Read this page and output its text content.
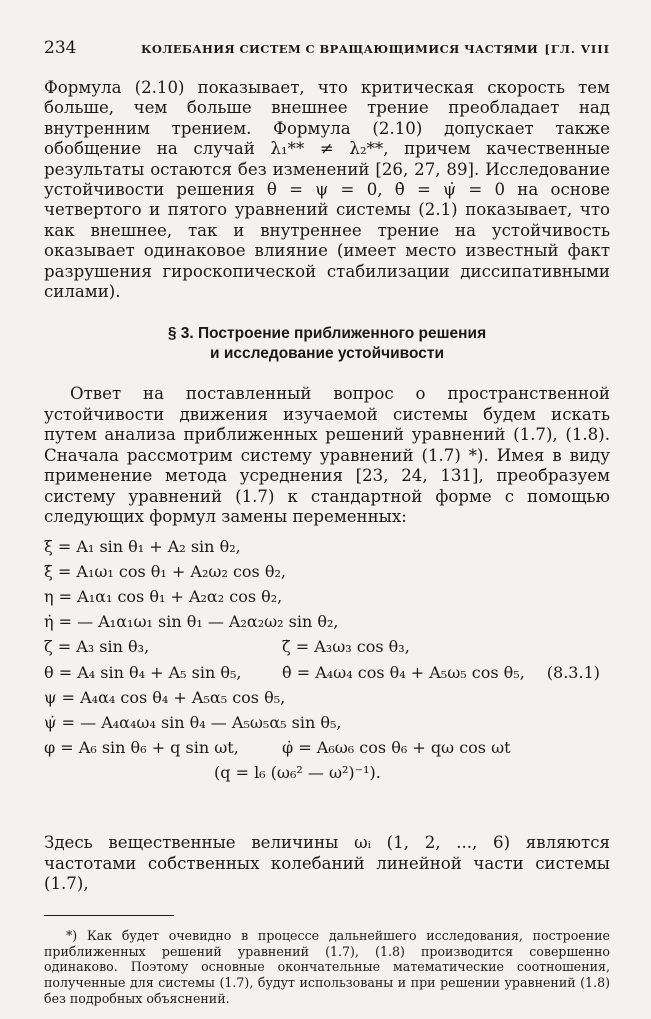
234	КОЛЕБАНИЯ СИСТЕМ С ВРАЩАЮЩИМИСЯ ЧАСТЯМИ [ГЛ. VIII

Формула (2.10) показывает, что критическая скорость тем больше, чем больше внешнее трение преобладает над внутренним трением. Формула (2.10) допускает также обобщение на случай λ₁** ≠ λ₂**, причем качественные результаты остаются без изменений [26, 27, 89]. Исследование устойчивости решения θ = ψ = 0, θ̇ = ψ̇ = 0 на основе четвертого и пятого уравнений системы (2.1) показывает, что как внешнее, так и внутреннее трение на устойчивость оказывает одинаковое влияние (имеет место известный факт разрушения гироскопической стабилизации диссипативными силами).

§ 3. Построение приближенного решения
и исследование устойчивости

Ответ на поставленный вопрос о пространственной устойчивости движения изучаемой системы будем искать путем анализа приближенных решений уравнений (1.7), (1.8). Сначала рассмотрим систему уравнений (1.7) *). Имея в виду применение метода усреднения [23, 24, 131], преобразуем систему уравнений (1.7) к стандартной форме с помощью следующих формул замены переменных:

ξ = A₁ sin θ₁ + A₂ sin θ₂,
ξ̇ = A₁ω₁ cos θ₁ + A₂ω₂ cos θ₂,
η = A₁α₁ cos θ₁ + A₂α₂ cos θ₂,
η̇ = — A₁α₁ω₁ sin θ₁ — A₂α₂ω₂ sin θ₂,
ζ = A₃ sin θ₃,	ζ̇ = A₃ω₃ cos θ₃,
θ = A₄ sin θ₄ + A₅ sin θ₅,	θ̇ = A₄ω₄ cos θ₄ + A₅ω₅ cos θ₅,
ψ = A₄α₄ cos θ₄ + A₅α₅ cos θ₅,
ψ̇ = — A₄α₄ω₄ sin θ₄ — A₅ω₅α₅ sin θ₅,
φ = A₆ sin θ₆ + q sin ωt,	φ̇ = A₆ω₆ cos θ₆ + qω cos ωt
(q = l₆ (ω₆² — ω²)⁻¹).
(8.3.1)

Здесь вещественные величины ωᵢ (1, 2, ..., 6) являются частотами собственных колебаний линейной части системы (1.7),

*) Как будет очевидно в процессе дальнейшего исследования, построение приближенных решений уравнений (1.7), (1.8) производится совершенно одинаково. Поэтому основные окончательные математические соотношения, полученные для системы (1.7), будут использованы и при решении уравнений (1.8) без подробных объяснений.
